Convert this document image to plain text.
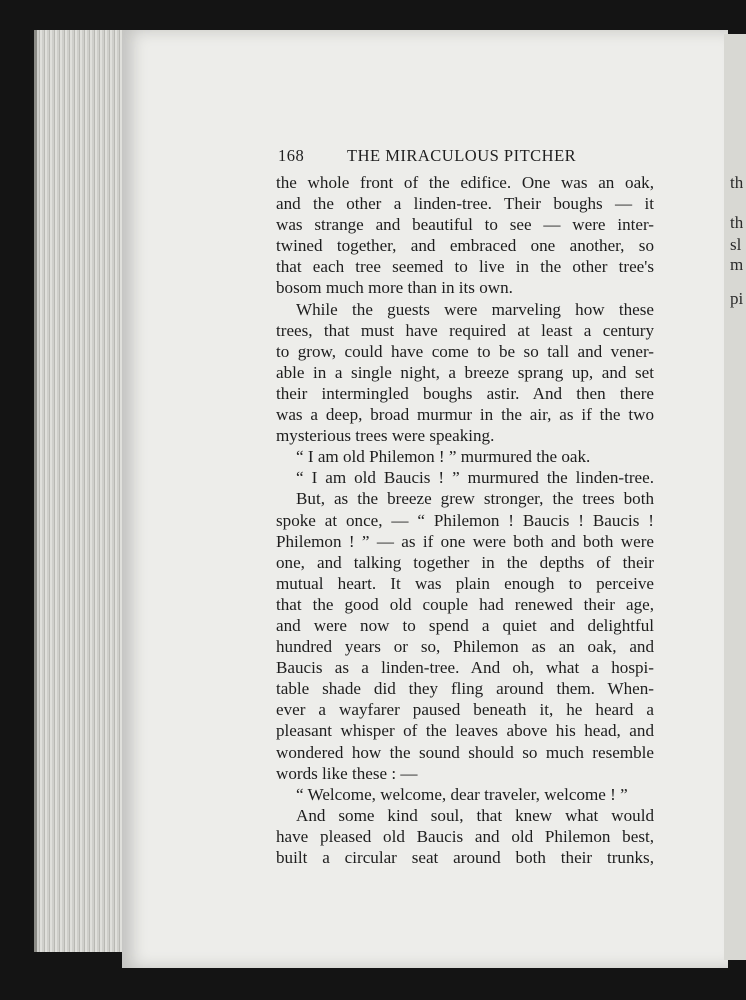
th
th
sl
m
pi
168	THE MIRACULOUS PITCHER
the whole front of the edifice. One was an oak,
and the other a linden-tree. Their boughs — it
was strange and beautiful to see — were inter-
twined together, and embraced one another, so
that each tree seemed to live in the other tree's
bosom much more than in its own.
While the guests were marveling how these
trees, that must have required at least a century
to grow, could have come to be so tall and vener-
able in a single night, a breeze sprang up, and set
their intermingled boughs astir. And then there
was a deep, broad murmur in the air, as if the two
mysterious trees were speaking.
“ I am old Philemon ! ” murmured the oak.
“ I am old Baucis ! ” murmured the linden-tree.
But, as the breeze grew stronger, the trees both
spoke at once, — “ Philemon ! Baucis ! Baucis !
Philemon ! ” — as if one were both and both were
one, and talking together in the depths of their
mutual heart. It was plain enough to perceive
that the good old couple had renewed their age,
and were now to spend a quiet and delightful
hundred years or so, Philemon as an oak, and
Baucis as a linden-tree. And oh, what a hospi-
table shade did they fling around them. When-
ever a wayfarer paused beneath it, he heard a
pleasant whisper of the leaves above his head, and
wondered how the sound should so much resemble
words like these : —
“ Welcome, welcome, dear traveler, welcome ! ”
And some kind soul, that knew what would
have pleased old Baucis and old Philemon best,
built a circular seat around both their trunks,
